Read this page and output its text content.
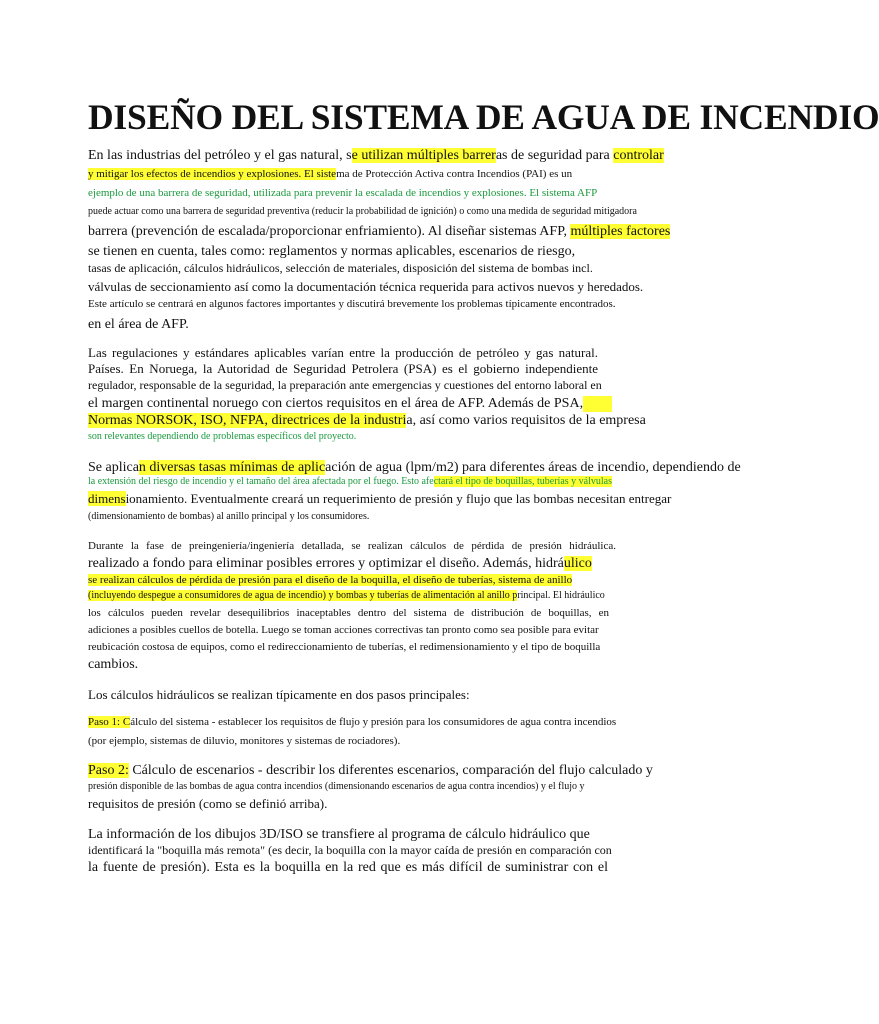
DISEÑO DEL SISTEMA DE AGUA DE INCENDIO
En las industrias del petróleo y el gas natural, se utilizan múltiples barreras de seguridad para controlar
y mitigar los efectos de incendios y explosiones. El sistema de Protección Activa contra Incendios (PAI) es un
ejemplo de una barrera de seguridad, utilizada para prevenir la escalada de incendios y explosiones. El sistema AFP
puede actuar como una barrera de seguridad preventiva (reducir la probabilidad de ignición) o como una medida de seguridad mitigadora
barrera (prevención de escalada/proporcionar enfriamiento). Al diseñar sistemas AFP, múltiples factores
se tienen en cuenta, tales como: reglamentos y normas aplicables, escenarios de riesgo,
tasas de aplicación, cálculos hidráulicos, selección de materiales, disposición del sistema de bombas incl.
válvulas de seccionamiento así como la documentación técnica requerida para activos nuevos y heredados.
Este artículo se centrará en algunos factores importantes y discutirá brevemente los problemas típicamente encontrados.
en el área de AFP.
Las regulaciones y estándares aplicables varían entre la producción de petróleo y gas natural.
Países. En Noruega, la Autoridad de Seguridad Petrolera (PSA) es el gobierno independiente
regulador, responsable de la seguridad, la preparación ante emergencias y cuestiones del entorno laboral en
el margen continental noruego con ciertos requisitos en el área de AFP. Además de PSA,
Normas NORSOK, ISO, NFPA, directrices de la industria, así como varios requisitos de la empresa
son relevantes dependiendo de problemas específicos del proyecto.
Se aplican diversas tasas mínimas de aplicación de agua (lpm/m2) para diferentes áreas de incendio, dependiendo de
la extensión del riesgo de incendio y el tamaño del área afectada por el fuego. Esto afectará el tipo de boquillas, tuberías y válvulas
dimensionamiento. Eventualmente creará un requerimiento de presión y flujo que las bombas necesitan entregar
(dimensionamiento de bombas) al anillo principal y los consumidores.
Durante la fase de preingeniería/ingeniería detallada, se realizan cálculos de pérdida de presión hidráulica.
realizado a fondo para eliminar posibles errores y optimizar el diseño. Además, hidráulico
se realizan cálculos de pérdida de presión para el diseño de la boquilla, el diseño de tuberías, sistema de anillo
(incluyendo despegue a consumidores de agua de incendio) y bombas y tuberías de alimentación al anillo principal. El hidráulico
los cálculos pueden revelar desequilibrios inaceptables dentro del sistema de distribución de boquillas, en
adiciones a posibles cuellos de botella. Luego se toman acciones correctivas tan pronto como sea posible para evitar
reubicación costosa de equipos, como el redireccionamiento de tuberías, el redimensionamiento y el tipo de boquilla
cambios.
Los cálculos hidráulicos se realizan típicamente en dos pasos principales:
Paso 1: Cálculo del sistema - establecer los requisitos de flujo y presión para los consumidores de agua contra incendios
(por ejemplo, sistemas de diluvio, monitores y sistemas de rociadores).
Paso 2: Cálculo de escenarios - describir los diferentes escenarios, comparación del flujo calculado y
presión disponible de las bombas de agua contra incendios (dimensionando escenarios de agua contra incendios) y el flujo y
requisitos de presión (como se definió arriba).
La información de los dibujos 3D/ISO se transfiere al programa de cálculo hidráulico que
identificará la "boquilla más remota" (es decir, la boquilla con la mayor caída de presión en comparación con
la fuente de presión). Esta es la boquilla en la red que es más difícil de suministrar con el
